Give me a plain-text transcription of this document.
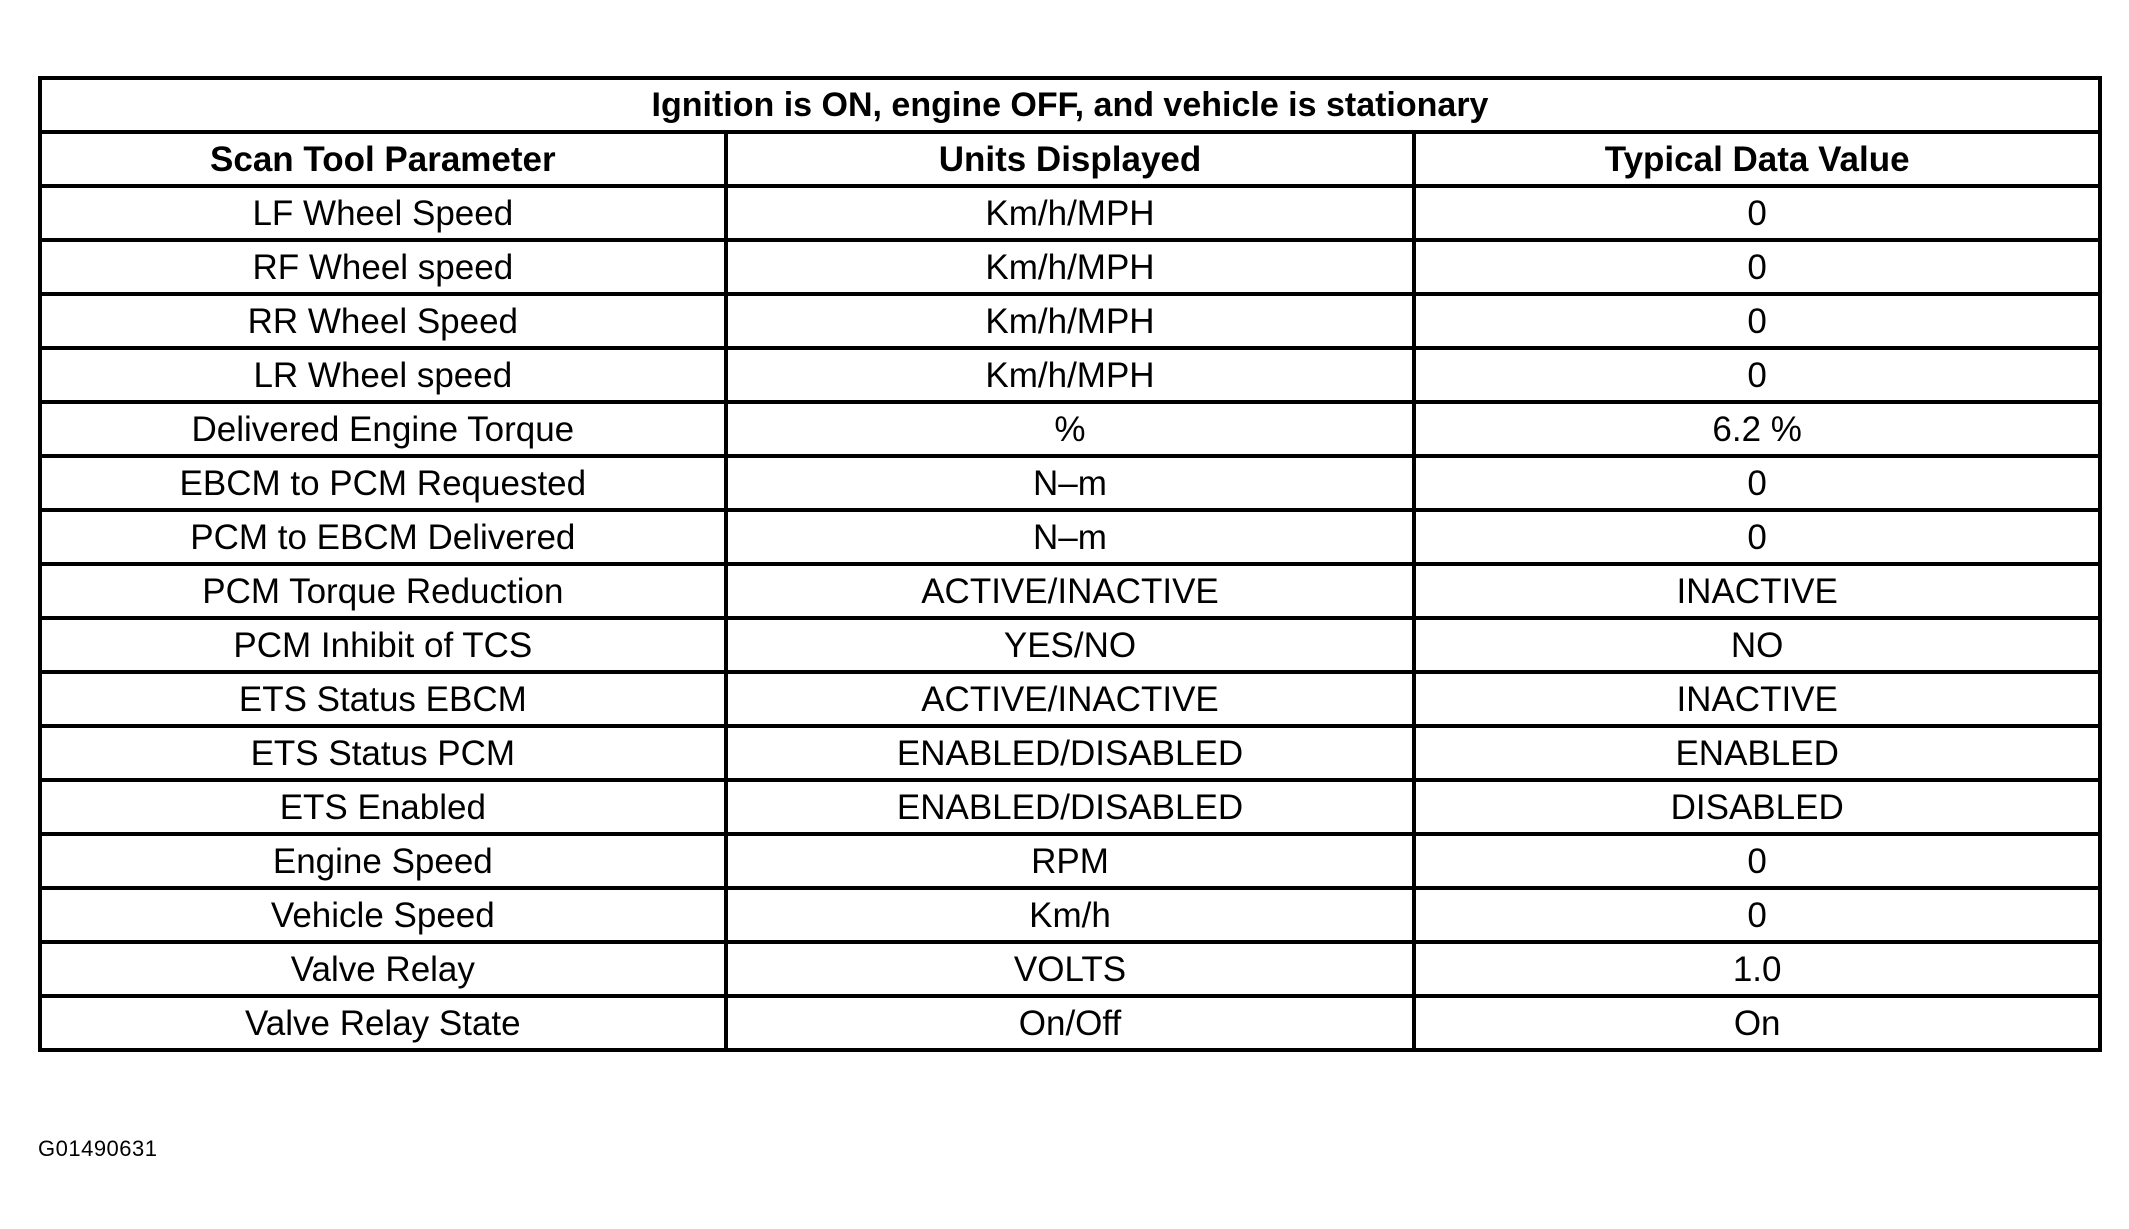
Ignition is ON, engine OFF, and vehicle is stationary		
Scan Tool Parameter	Units Displayed	Typical Data Value
LF Wheel Speed	Km/h/MPH	0
RF Wheel speed	Km/h/MPH	0
RR Wheel Speed	Km/h/MPH	0
LR Wheel speed	Km/h/MPH	0
Delivered Engine Torque	%	6.2 %
EBCM to PCM Requested	N–m	0
PCM to EBCM Delivered	N–m	0
PCM Torque Reduction	ACTIVE/INACTIVE	INACTIVE
PCM Inhibit of TCS	YES/NO	NO
ETS Status EBCM	ACTIVE/INACTIVE	INACTIVE
ETS Status PCM	ENABLED/DISABLED	ENABLED
ETS Enabled	ENABLED/DISABLED	DISABLED
Engine Speed	RPM	0
Vehicle Speed	Km/h	0
Valve Relay	VOLTS	1.0
Valve Relay State	On/Off	On
G01490631
